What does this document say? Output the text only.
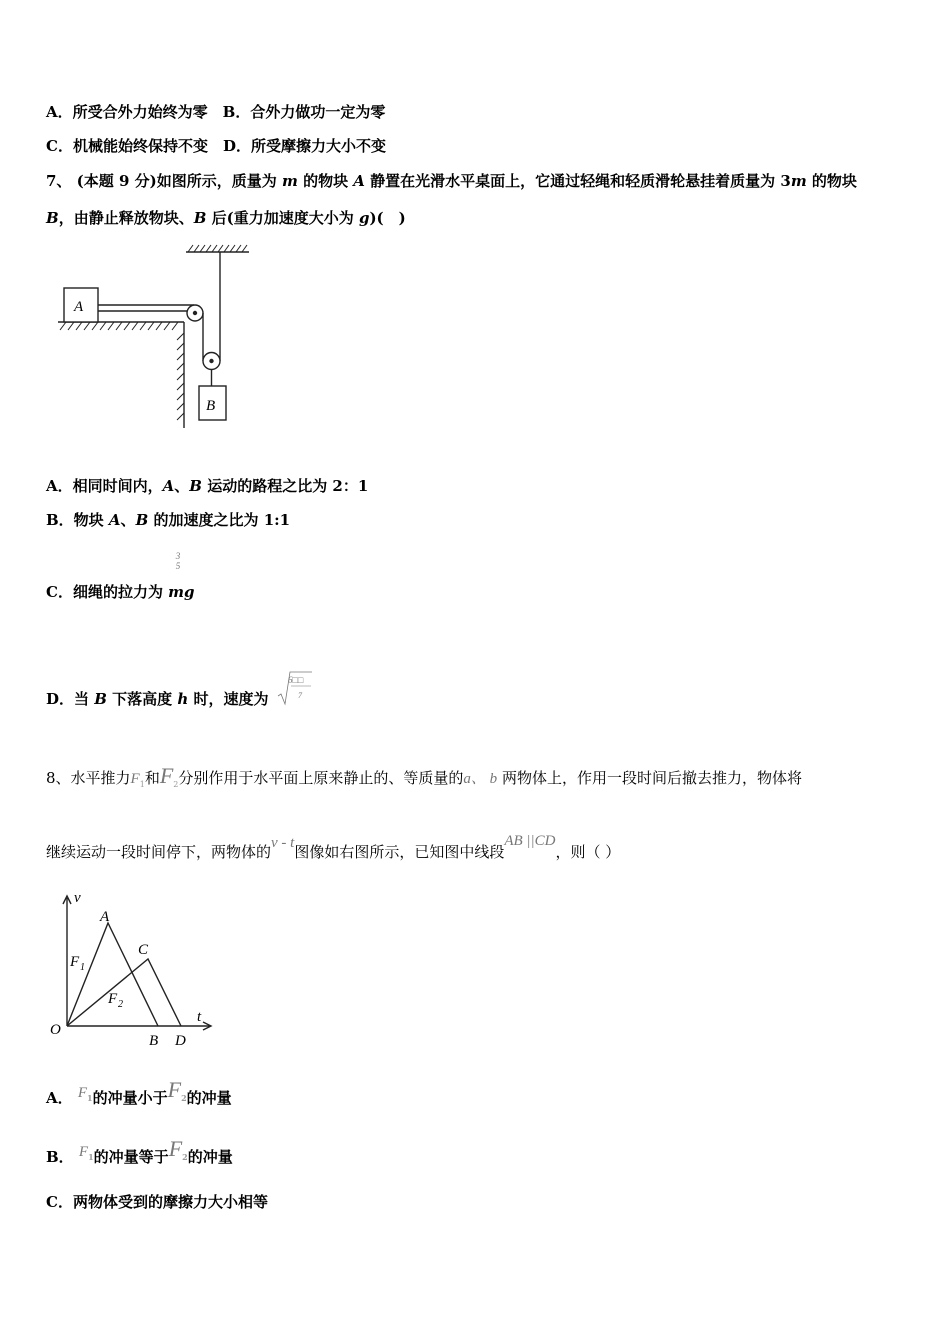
A．所受合外力始终为零　B．合外力做功一定为零
C．机械能始终保持不变　D．所受摩擦力大小不变
7、 (本题 9 分)如图所示，质量为 m 的物块 A 静置在光滑水平桌面上，它通过轻绳和轻质滑轮悬挂着质量为 3m 的物块
B，由静止释放物块、B 后(重力加速度大小为 g)(　)
A
B
A．相同时间内，A、B 运动的路程之比为 2：1
B．物块 A、B 的加速度之比为 1:1
3
5
C．细绳的拉力为 mg
D．当 B 下落高度 h 时，速度为
6□□
7
8、水平推力$F_1$和$F_2$分别作用于水平面上原来静止的、等质量的a、 b 两物体上，作用一段时间后撤去推力，物体将
继续运动一段时间停下，两物体的v - t图像如右图所示，已知图中线段AB ||CD，则（ ）
v
t
O
A
B
C
D
F 1
F 2
A． $F_1$的冲量小于$F_2$的冲量
B． $F_1$的冲量等于$F_2$的冲量
C．两物体受到的摩擦力大小相等
